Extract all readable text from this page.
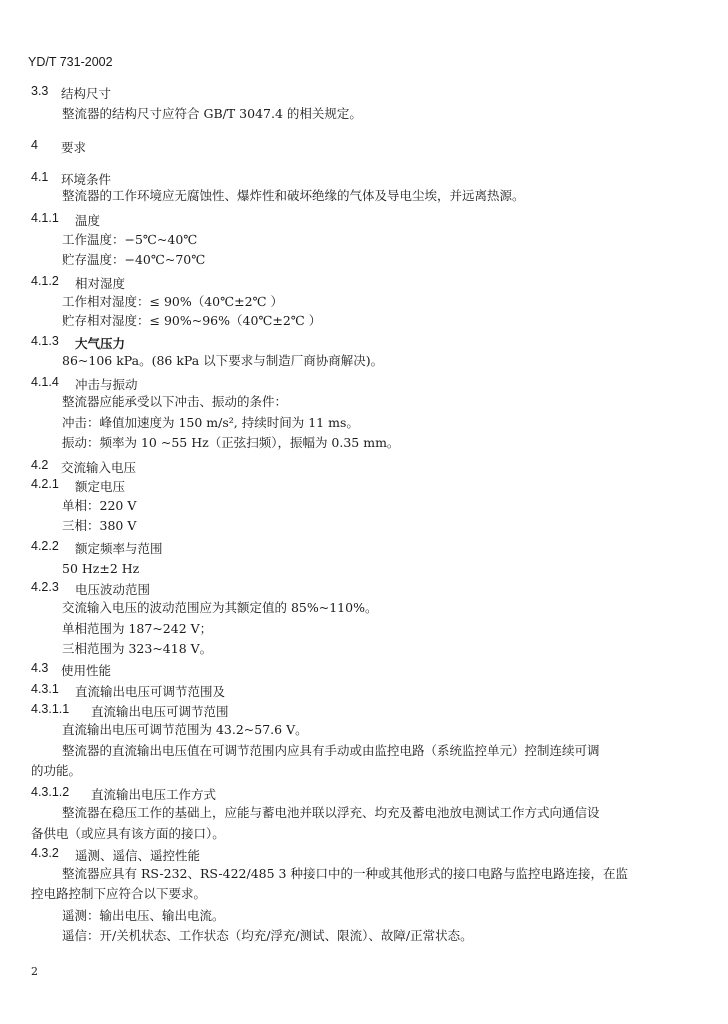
YD/T 731-2002
3.3 结构尺寸
整流器的结构尺寸应符合 GB/T 3047.4 的相关规定。
4 要求
4.1 环境条件
整流器的工作环境应无腐蚀性、爆炸性和破坏绝缘的气体及导电尘埃，并远离热源。
4.1.1 温度
工作温度：−5℃~40℃
贮存温度：−40℃~70℃
4.1.2 相对湿度
工作相对湿度：≤ 90%（40℃±2℃ ）
贮存相对湿度：≤ 90%~96%（40℃±2℃ ）
4.1.3 大气压力
86~106 kPa。(86 kPa 以下要求与制造厂商协商解决)。
4.1.4 冲击与振动
整流器应能承受以下冲击、振动的条件：
冲击：峰值加速度为 150 m/s², 持续时间为 11 ms。
振动：频率为 10 ~55 Hz（正弦扫频），振幅为 0.35 mm。
4.2 交流输入电压
4.2.1 额定电压
单相：220 V
三相：380 V
4.2.2 额定频率与范围
50 Hz±2 Hz
4.2.3 电压波动范围
交流输入电压的波动范围应为其额定值的 85%~110%。
单相范围为 187~242 V；
三相范围为 323~418 V。
4.3 使用性能
4.3.1 直流输出电压可调节范围及
4.3.1.1 直流输出电压可调节范围
直流输出电压可调节范围为 43.2~57.6 V。
整流器的直流输出电压值在可调节范围内应具有手动或由监控电路（系统监控单元）控制连续可调
的功能。
4.3.1.2 直流输出电压工作方式
整流器在稳压工作的基础上，应能与蓄电池并联以浮充、均充及蓄电池放电测试工作方式向通信设
备供电（或应具有该方面的接口）。
4.3.2 遥测、遥信、遥控性能
整流器应具有 RS-232、RS-422/485 3 种接口中的一种或其他形式的接口电路与监控电路连接，在监
控电路控制下应符合以下要求。
遥测：输出电压、输出电流。
遥信：开/关机状态、工作状态（均充/浮充/测试、限流）、故障/正常状态。
2
